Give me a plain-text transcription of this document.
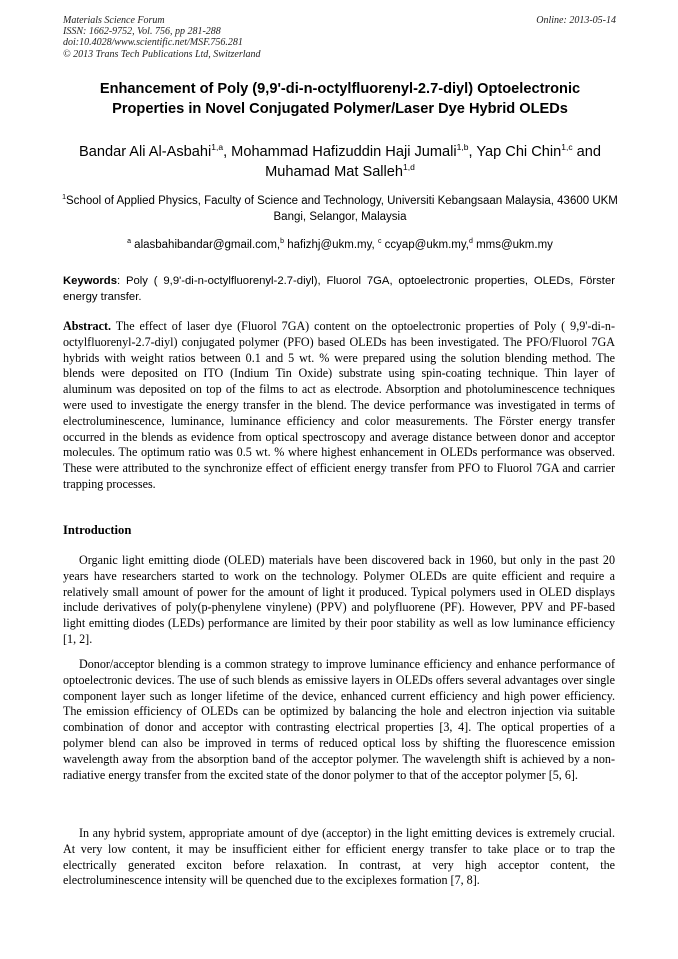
Materials Science Forum
ISSN: 1662-9752, Vol. 756, pp 281-288
doi:10.4028/www.scientific.net/MSF.756.281
© 2013 Trans Tech Publications Ltd, Switzerland
Online: 2013-05-14
Enhancement of Poly (9,9'-di-n-octylfluorenyl-2.7-diyl) Optoelectronic Properties in Novel Conjugated Polymer/Laser Dye Hybrid OLEDs
Bandar Ali Al-Asbahi$^{1,a}$, Mohammad Hafizuddin Haji Jumali$^{1,b}$, Yap Chi Chin$^{1,c}$ and Muhamad Mat Salleh$^{1,d}$
$^1$School of Applied Physics, Faculty of Science and Technology, Universiti Kebangsaan Malaysia, 43600 UKM Bangi, Selangor, Malaysia
$^a$ alasbahibandar@gmail.com,$^b$ hafizhj@ukm.my, $^c$ ccyap@ukm.my,$^d$ mms@ukm.my
Keywords: Poly ( 9,9'-di-n-octylfluorenyl-2.7-diyl), Fluorol 7GA, optoelectronic properties, OLEDs, Förster energy transfer.

Abstract. The effect of laser dye (Fluorol 7GA) content on the optoelectronic properties of Poly ( 9,9'-di-n-octylfluorenyl-2.7-diyl) conjugated polymer (PFO) based OLEDs has been investigated. The PFO/Fluorol 7GA hybrids with weight ratios between 0.1 and 5 wt. % were prepared using the solution blending method. The blends were deposited on ITO (Indium Tin Oxide) substrate using spin-coating technique. Thin layer of aluminum was deposited on top of the films to act as electrode. Absorption and photoluminescence techniques were used to investigate the energy transfer in the blend. The device performance was investigated in terms of electroluminescence, luminance, luminance efficiency and color measurements. The Förster energy transfer occurred in the blends as evidence from optical spectroscopy and average distance between donor and acceptor molecules. The optimum ratio was 0.5 wt. % where highest enhancement in OLEDs performance was observed. These were attributed to the synchronize effect of efficient energy transfer from PFO to Fluorol 7GA and carrier trapping processes.

Introduction

Organic light emitting diode (OLED) materials have been discovered back in 1960, but only in the past 20 years have researchers started to work on the technology. Polymer OLEDs are quite efficient and require a relatively small amount of power for the amount of light it produced. Typical polymers used in OLED displays include derivatives of poly(p-phenylene vinylene) (PPV) and polyfluorene (PF). However, PPV and PF-based light emitting diodes (LEDs) performance are limited by their poor stability as well as low luminance efficiency [1, 2].

Donor/acceptor blending is a common strategy to improve luminance efficiency and enhance performance of optoelectronic devices. The use of such blends as emissive layers in OLEDs offers several advantages over single component layer such as longer lifetime of the device, enhanced current efficiency and high power efficiency. The emission efficiency of OLEDs can be optimized by balancing the hole and electron injection via suitable combination of donor and acceptor with contrasting electrical properties [3, 4]. The optical properties of a polymer blend can also be improved in terms of reduced optical loss by shifting the fluorescence emission wavelength away from the absorption band of the acceptor polymer. The wavelength shift is achieved by a non-radiative energy transfer from the excited state of the donor polymer to that of the acceptor polymer [5, 6].

In any hybrid system, appropriate amount of dye (acceptor) in the light emitting devices is extremely crucial. At very low content, it may be insufficient either for efficient energy transfer to take place or to trap the electrically generated exciton before relaxation. In contrast, at very high acceptor content, the electroluminescence intensity will be quenched due to the exciplexes formation [7, 8].
